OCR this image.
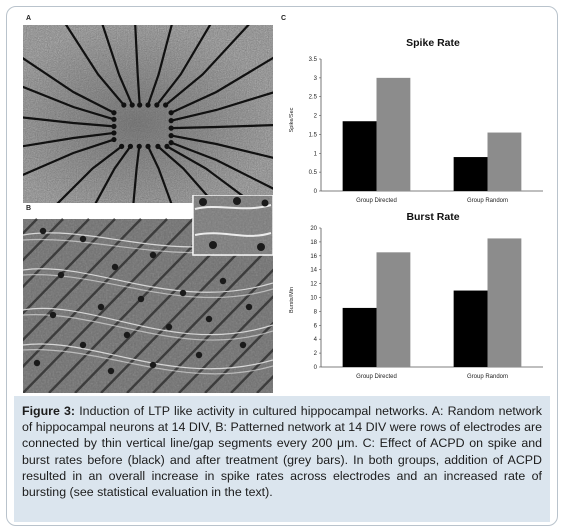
A
B
C
Spike Rate
Spike/Sec
0
0.5
1
1.5
2
2.5
3
3.5
Group Directed	Group Random
Burst Rate
Bursts/Min
0
2
4
6
8
10
12
14
16
18
20
Group Directed	Group Random
Figure 3: Induction of LTP like activity in cultured hippocampal networks. A: Random network of hippocampal neurons at 14 DIV, B: Patterned network at 14 DIV were rows of electrodes are connected by thin vertical line/gap segments every 200 μm. C: Effect of ACPD on spike and burst rates before (black) and after treatment (grey bars). In both groups, addition of ACPD resulted in an overall increase in spike rates across electrodes and an increased rate of bursting (see statistical evaluation in the text).
